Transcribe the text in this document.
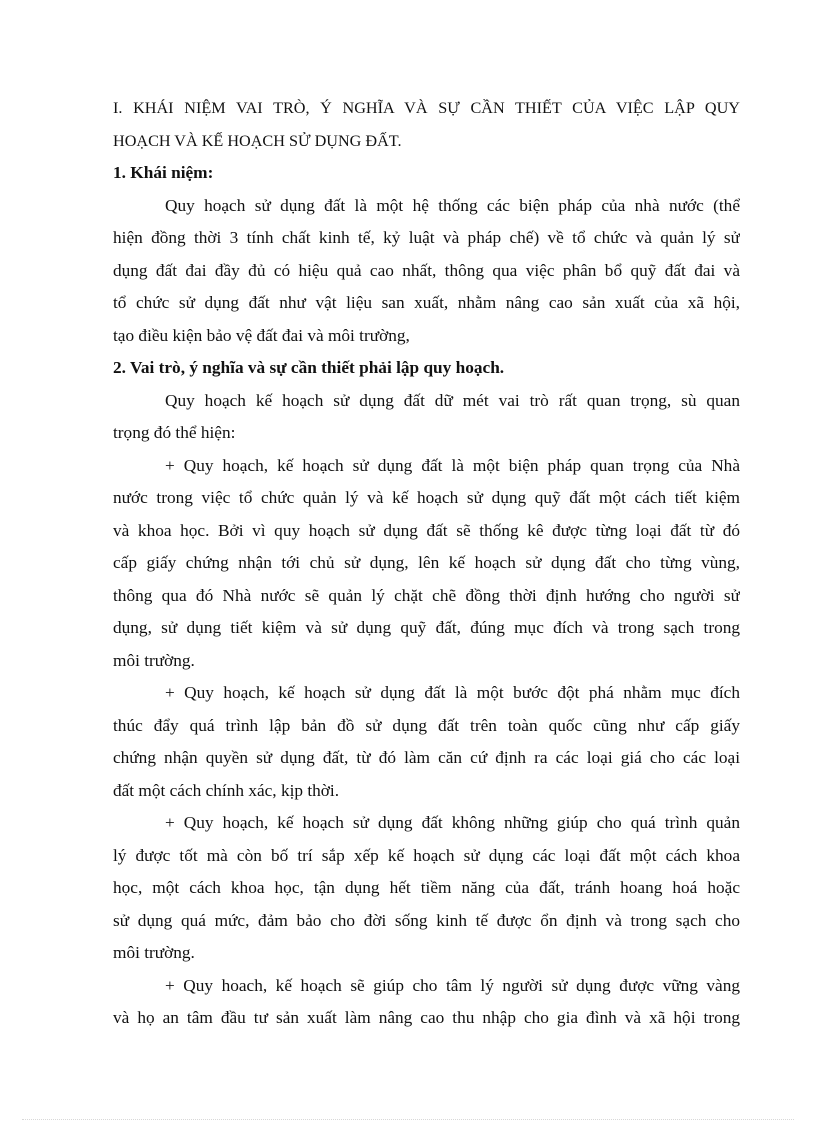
I. KHÁI NIỆM VAI TRÒ, Ý NGHĨA VÀ SỰ CẦN THIẾT CỦA VIỆC LẬP QUY
HOẠCH VÀ KẾ HOẠCH SỬ DỤNG ĐẤT.
1. Khái niệm:
Quy hoạch sử dụng đất là một hệ thống các biện pháp của nhà nước (thể
hiện đồng thời 3 tính chất kinh tế, kỷ luật và pháp chế) về tổ chức và quản lý sử
dụng đất đai đầy đủ có hiệu quả cao nhất, thông qua việc phân bổ quỹ đất đai và
tổ chức sử dụng đất như vật liệu san xuất, nhằm nâng cao sản xuất của xã hội,
tạo điều kiện bảo vệ đất đai và môi trường,
2. Vai trò, ý nghĩa và sự cần thiết phải lập quy hoạch.
Quy hoạch kế hoạch sử dụng đất dữ mét vai trò rất quan trọng, sù quan
trọng đó thể hiện:
+ Quy hoạch, kế hoạch sử dụng đất là một biện pháp quan trọng của Nhà
nước trong việc tổ chức quản lý và kế hoạch sử dụng quỹ đất một cách tiết kiệm
và khoa học. Bởi vì quy hoạch sử dụng đất sẽ thống kê được từng loại đất từ đó
cấp giấy chứng nhận tới chủ sử dụng, lên kế hoạch sử dụng đất cho từng vùng,
thông qua đó Nhà nước sẽ quản lý chặt chẽ đồng thời định hướng cho người sử
dụng, sử dụng tiết kiệm và sử dụng quỹ đất, đúng mục đích và trong sạch trong
môi trường.
+ Quy hoạch, kế hoạch sử dụng đất là một bước đột phá nhằm mục đích
thúc đẩy quá trình lập bản đồ sử dụng đất trên toàn quốc cũng như cấp giấy
chứng nhận quyền sử dụng đất, từ đó làm căn cứ định ra các loại giá cho các loại
đất một cách chính xác, kịp thời.
+ Quy hoạch, kế hoạch sử dụng đất không những giúp cho quá trình quản
lý được tốt mà còn bố trí sắp xếp kế hoạch sử dụng các loại đất một cách khoa
học, một cách khoa học, tận dụng hết tiềm năng của đất, tránh hoang hoá hoặc
sử dụng quá mức, đảm bảo cho đời sống kinh tế được ổn định và trong sạch cho
môi trường.
+ Quy hoach, kế hoạch sẽ giúp cho tâm lý người sử dụng được vững vàng
và họ an tâm đầu tư sản xuất làm nâng cao thu nhập cho gia đình và xã hội trong
